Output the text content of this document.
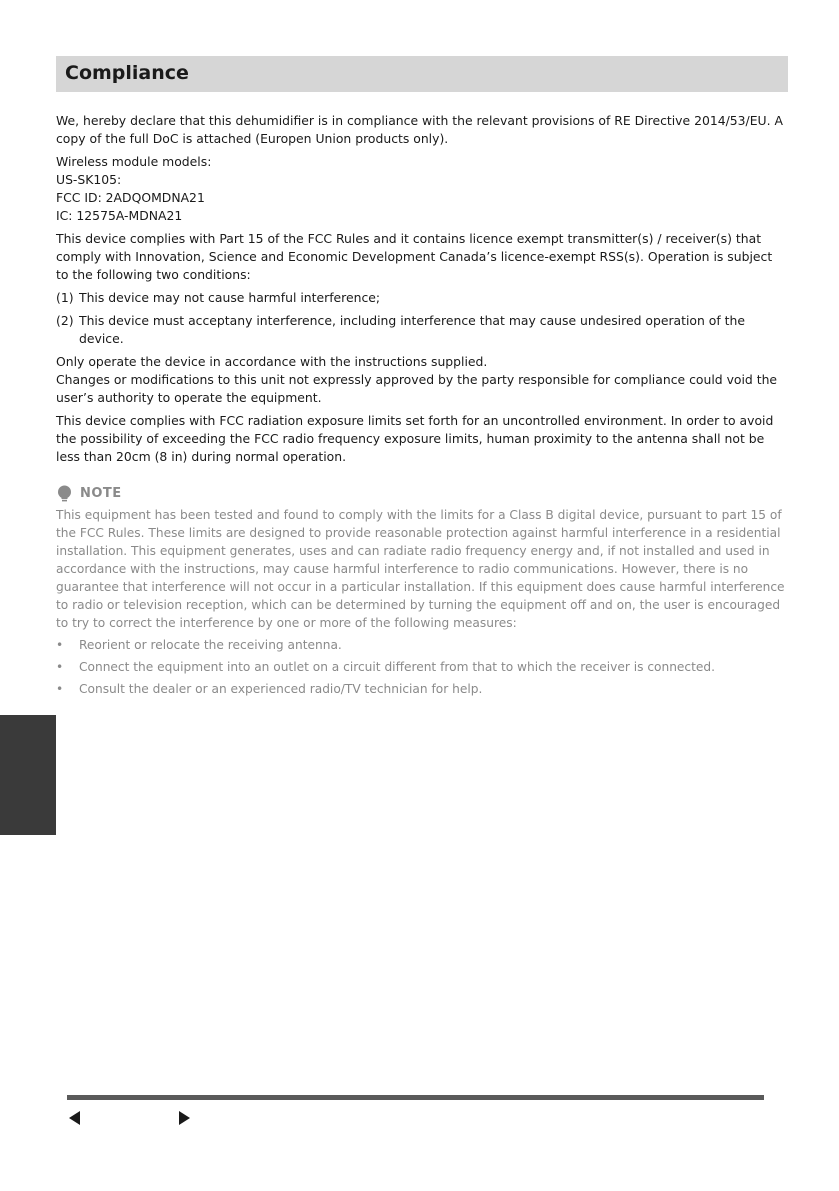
Compliance

We, hereby declare that this dehumidifier is in compliance with the relevant provisions of RE Directive 2014/53/EU. A copy of the full DoC is attached (Europen Union products only).

Wireless module models:

US-SK105:

FCC ID: 2ADQOMDNA21

IC: 12575A-MDNA21

This device complies with Part 15 of the FCC Rules and it contains licence exempt transmitter(s) / receiver(s) that comply with Innovation, Science and Economic Development Canada’s licence-exempt RSS(s). Operation is subject to the following two conditions:

(1) This device may not cause harmful interference;
(2) This device must acceptany interference, including interference that may cause undesired operation of the device.

Only operate the device in accordance with the instructions supplied.

Changes or modifications to this unit not expressly approved by the party responsible for compliance could void the user’s authority to operate the equipment.

This device complies with FCC radiation exposure limits set forth for an uncontrolled environment. In order to avoid the possibility of exceeding the FCC radio frequency exposure limits, human proximity to the antenna shall not be less than 20cm (8 in) during normal operation.

NOTE

This equipment has been tested and found to comply with the limits for a Class B digital device, pursuant to part 15 of the FCC Rules. These limits are designed to provide reasonable protection against harmful interference in a residential installation. This equipment generates, uses and can radiate radio frequency energy and, if not installed and used in accordance with the instructions, may cause harmful interference to radio communications. However, there is no guarantee that interference will not occur in a particular installation. If this equipment does cause harmful interference to radio or television reception, which can be determined by turning the equipment off and on, the user is encouraged to try to correct the interference by one or more of the following measures:

•	Reorient or relocate the receiving antenna.
•	Connect the equipment into an outlet on a circuit different from that to which the receiver is connected.
•	Consult the dealer or an experienced radio/TV technician for help.
